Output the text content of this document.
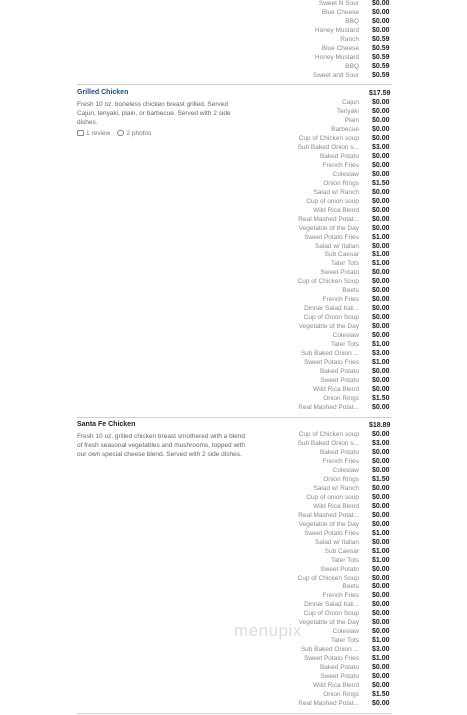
Sweet N Sour $0.00
Blue Cheese $0.00
BBQ $0.00
Honey Mustard $0.00
Ranch $0.59
Blue Cheese $0.59
Honey Mustard $0.59
BBQ $0.59
Sweet and Sour $0.59
Grilled Chicken	$17.59
Fresh 10 oz. boneless chicken breast grilled. Served Cajun, teriyaki, plain, or barbecue. Served with 2 side dishes.
1 review 2 photos
Cajun $0.00
Teriyaki $0.00
Plain $0.00
Barbecue $0.00
Cup of Chicken soup $0.00
Sub Baked Onion s... $3.00
Baked Potato $0.00
French Fries $0.00
Coleslaw $0.00
Onion Rings $1.50
Salad w/ Ranch $0.00
Cup of onion soup $0.00
Wild Rica Blend $0.00
Real Mashed Potat... $0.00
Vegetable of the Day $0.00
Sweet Potato Fries $1.00
Salad w/ Italian $0.00
Sub Caesar $1.00
Tater Tots $1.00
Sweet Potato $0.00
Cup of Chicken Soup $0.00
Beets $0.00
French Fries $0.00
Dinner Salad Itali... $0.00
Cup of Onion Soup $0.00
Vegetable of the Day $0.00
Coleslaw $0.00
Tater Tots $1.00
Sub Baked Onion ... $3.00
Sweet Potato Fries $1.00
Baked Potato $0.00
Sweet Potato $0.00
Wild Rica Blend $0.00
Onion Rings $1.50
Real Mashed Potat... $0.00
Santa Fe Chicken	$18.89
Fresh 10 oz. grilled chicken breast smothered with a blend of fresh seasonal vegetables and mushrooms, topped with our own special cheese blend. Served with 2 side dishes.
Cup of Chicken soup $0.00
Sub Baked Onion s... $3.00
Baked Potato $0.00
French Fries $0.00
Coleslaw $0.00
Onion Rings $1.50
Salad w/ Ranch $0.00
Cup of onion soup $0.00
Wild Rica Blend $0.00
Real Mashed Potat... $0.00
Vegetable of the Day $0.00
Sweet Potato Fries $1.00
Salad w/ Italian $0.00
Sub Caesar $1.00
Tater Tots $1.00
Sweet Potato $0.00
Cup of Chicken Soup $0.00
Beets $0.00
French Fries $0.00
Dinner Salad Itali... $0.00
Cup of Onion Soup $0.00
Vegetable of the Day $0.00
Coleslaw $0.00
Tater Tots $1.00
Sub Baked Onion ... $3.00
Sweet Potato Fries $1.00
Baked Potato $0.00
Sweet Potato $0.00
Wild Rica Blend $0.00
Onion Rings $1.50
Real Mashed Potat... $0.00
menupix
